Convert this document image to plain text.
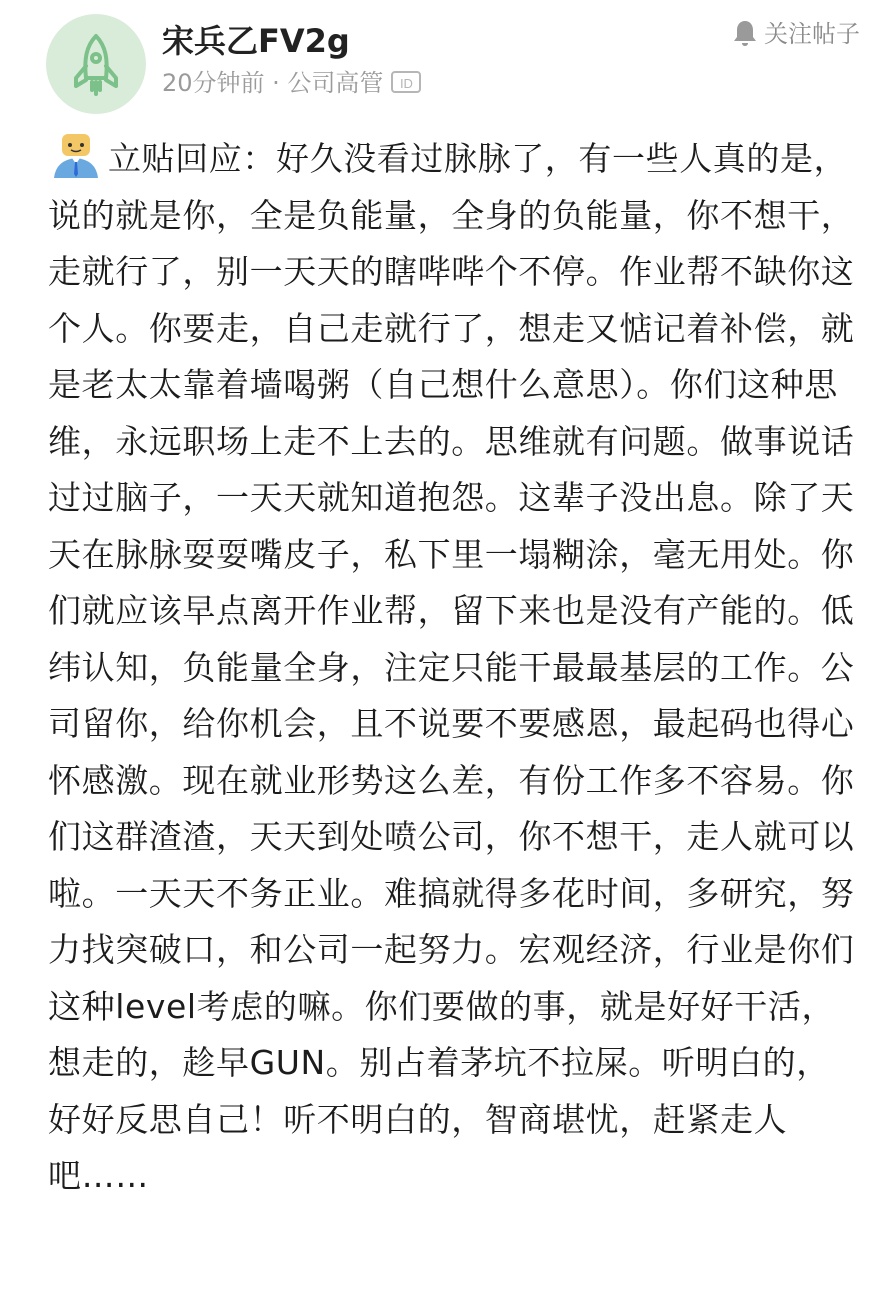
宋兵乙FV2g
20分钟前 · 公司高管 ID
关注帖子
立贴回应：好久没看过脉脉了，有一些人真的是，说的就是你，全是负能量，全身的负能量，你不想干，走就行了，别一天天的瞎哔哔个不停。作业帮不缺你这个人。你要走，自己走就行了，想走又惦记着补偿，就是老太太靠着墙喝粥（自己想什么意思）。你们这种思维，永远职场上走不上去的。思维就有问题。做事说话过过脑子，一天天就知道抱怨。这辈子没出息。除了天天在脉脉耍耍嘴皮子，私下里一塌糊涂，毫无用处。你们就应该早点离开作业帮，留下来也是没有产能的。低纬认知，负能量全身，注定只能干最最基层的工作。公司留你，给你机会，且不说要不要感恩，最起码也得心怀感激。现在就业形势这么差，有份工作多不容易。你们这群渣渣，天天到处喷公司，你不想干，走人就可以啦。一天天不务正业。难搞就得多花时间，多研究，努力找突破口，和公司一起努力。宏观经济，行业是你们这种level考虑的嘛。你们要做的事，就是好好干活，想走的，趁早GUN。别占着茅坑不拉屎。听明白的，好好反思自己！听不明白的，智商堪忧，赶紧走人吧……
